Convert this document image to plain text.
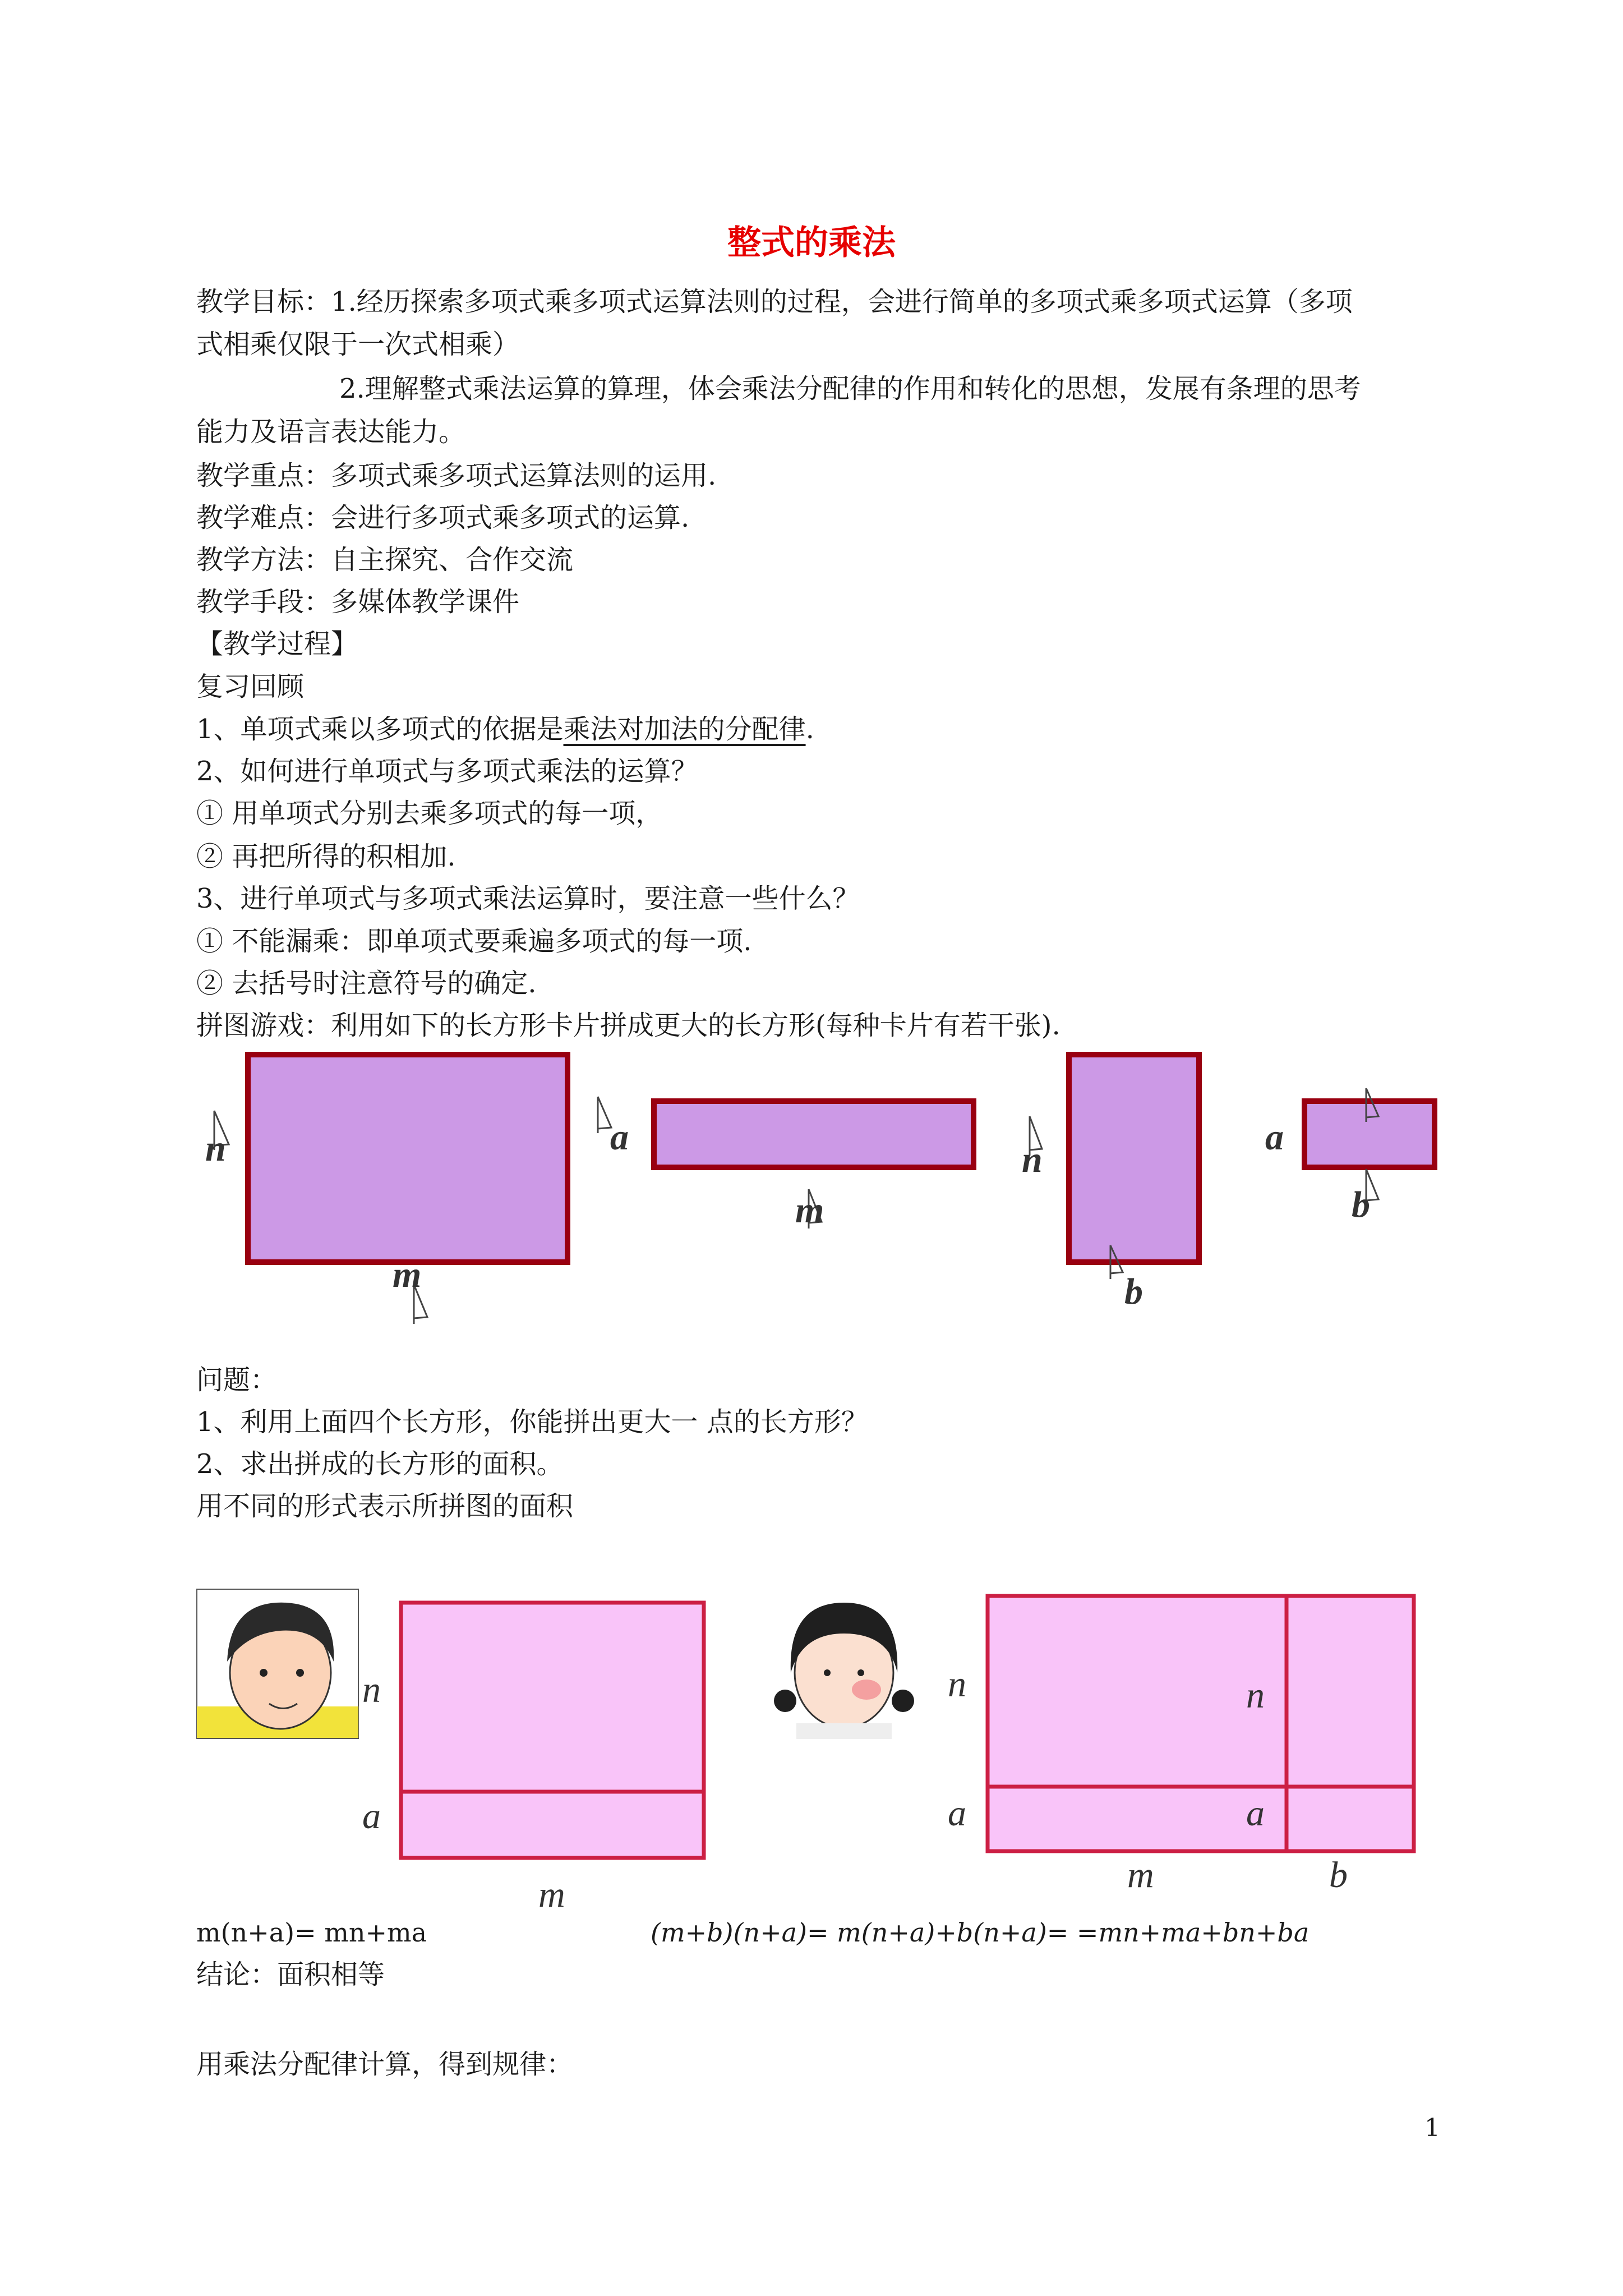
整式的乘法
教学目标：1.经历探索多项式乘多项式运算法则的过程，会进行简单的多项式乘多项式运算（多项
式相乘仅限于一次式相乘）
2.理解整式乘法运算的算理，体会乘法分配律的作用和转化的思想，发展有条理的思考
能力及语言表达能力。
教学重点：多项式乘多项式运算法则的运用.
教学难点：会进行多项式乘多项式的运算.
教学方法：自主探究、合作交流
教学手段：多媒体教学课件
【教学过程】
复习回顾
1、单项式乘以多项式的依据是乘法对加法的分配律.
2、如何进行单项式与多项式乘法的运算？
① 用单项式分别去乘多项式的每一项，
② 再把所得的积相加.
3、进行单项式与多项式乘法运算时，要注意一些什么？
① 不能漏乘：即单项式要乘遍多项式的每一项.
② 去括号时注意符号的确定.
拼图游戏：利用如下的长方形卡片拼成更大的长方形(每种卡片有若干张).
n
m
a
m
n
b
a
b
问题：
1、利用上面四个长方形，你能拼出更大一 点的长方形？
2、求出拼成的长方形的面积。
用不同的形式表示所拼图的面积
n
a
m
n
a
n
a
m	b
m(n+a)= mn+ma	(m+b)(n+a)= m(n+a)+b(n+a)= =mn+ma+bn+ba
结论：面积相等
用乘法分配律计算，得到规律：
1
